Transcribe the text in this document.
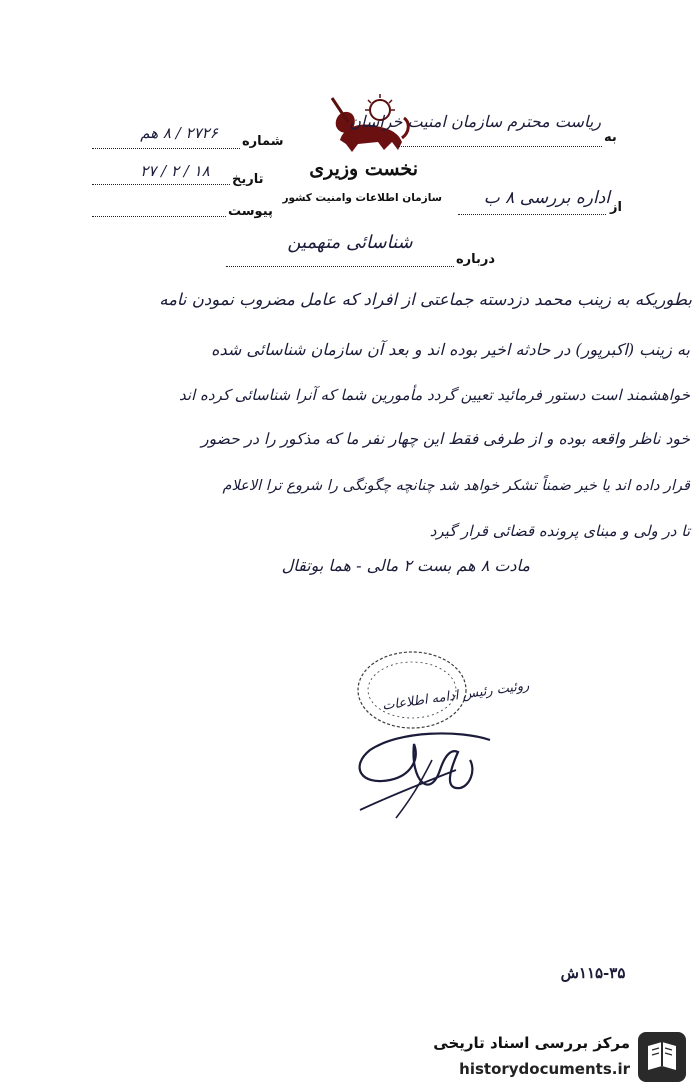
نخست وزیری
سازمان اطلاعات وامنیت کشور
به
ریاست محترم سازمان امنیت خراسان
از
اداره بررسی ۸ ب
شماره
۲۷۲۶ / ۸ هم
تاریخ
۱۸ / ۲ / ۲۷
پیوست
درباره
شناسائی متهمین
بطوریکه به زینب محمد دزدسته جماعتی از افراد که عامل مضروب نمودن نامه
به زینب (اکبرپور) در حادثه اخیر بوده اند و بعد آن سازمان شناسائی شده
خواهشمند است دستور فرمائید تعیین گردد مأمورین شما که آنرا شناسائی کرده اند
خود ناظر واقعه بوده و از طرفی فقط این چهار نفر ما که مذکور را در حضور
قرار داده اند یا خیر ضمناً تشکر خواهد شد چنانچه چگونگی را شروع ترا الاعلام
تا در ولی و مبنای پرونده قضائی قرار گیرد
مادت ۸ هم بست ۲ مالی - هما بوتقال
روئیت رئیس ادامه اطلاعات
۱۱۵-۳۵ش
مرکز بررسی اسناد تاریخی
historydocuments.ir
